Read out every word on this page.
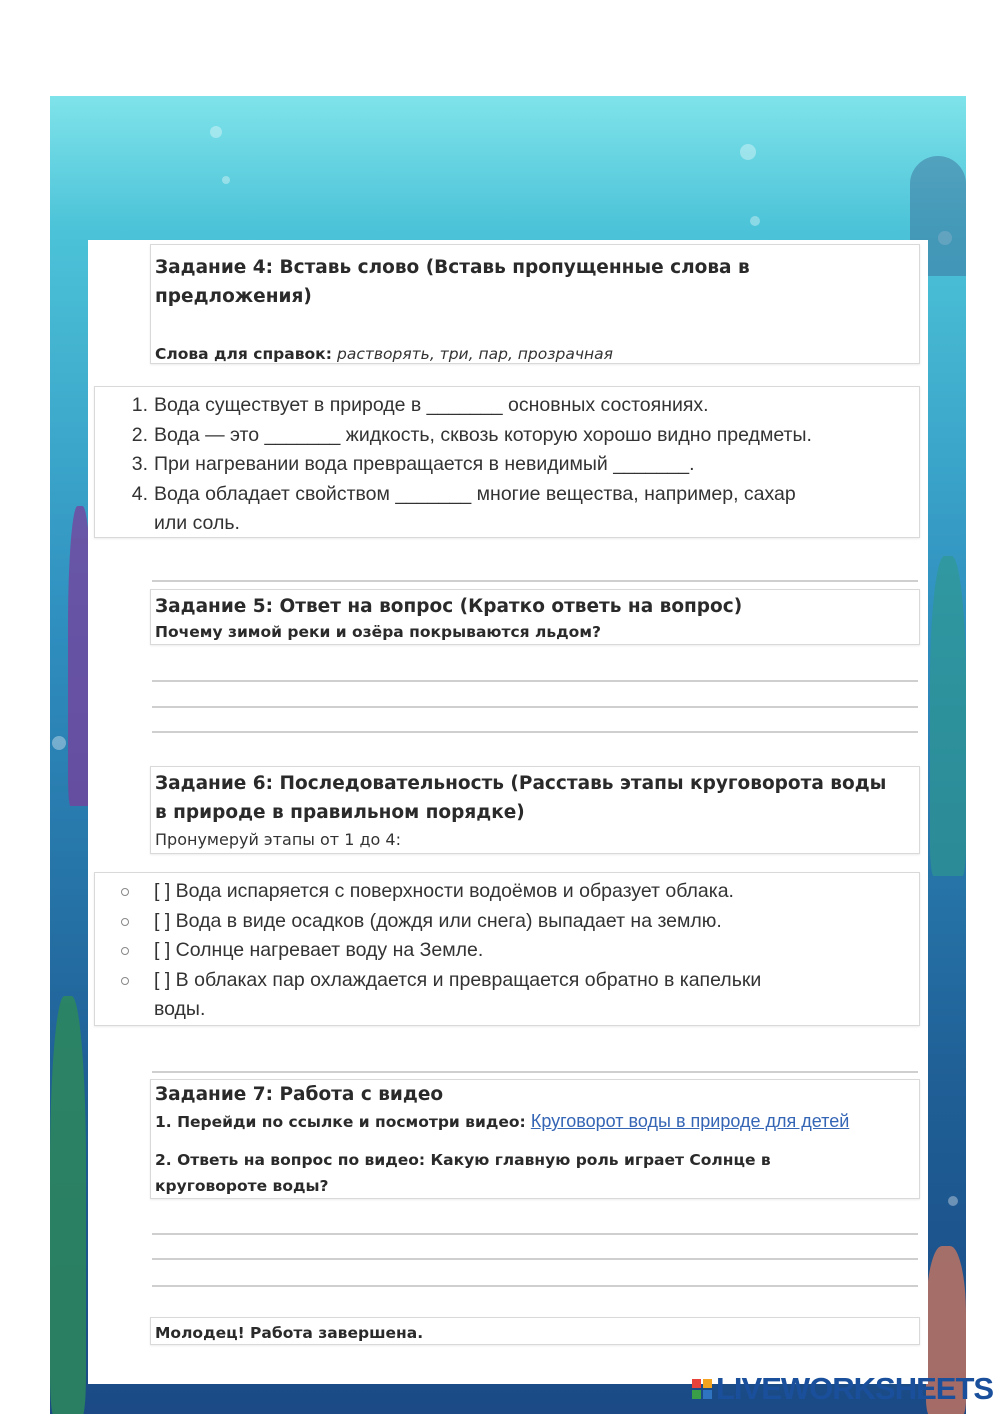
Задание 4: Вставь слово (Вставь пропущенные слова в
предложения)
Слова для справок: растворять, три, пар, прозрачная
1. Вода существует в природе в _______ основных состояниях.
2. Вода — это _______ жидкость, сквозь которую хорошо видно предметы.
3. При нагревании вода превращается в невидимый _______.
4. Вода обладает свойством _______ многие вещества, например, сахар
или соль.
Задание 5: Ответ на вопрос (Кратко ответь на вопрос)
Почему зимой реки и озёра покрываются льдом?
Задание 6: Последовательность (Расставь этапы круговорота воды
в природе в правильном порядке)
Пронумеруй этапы от 1 до 4:
[ ] Вода испаряется с поверхности водоёмов и образует облака.
[ ] Вода в виде осадков (дождя или снега) выпадает на землю.
[ ] Солнце нагревает воду на Земле.
[ ] В облаках пар охлаждается и превращается обратно в капельки
воды.
Задание 7: Работа с видео
1. Перейди по ссылке и посмотри видео: Круговорот воды в природе для детей
2. Ответь на вопрос по видео: Какую главную роль играет Солнце в
круговороте воды?
Молодец! Работа завершена.
LIVEWORKSHEETS
